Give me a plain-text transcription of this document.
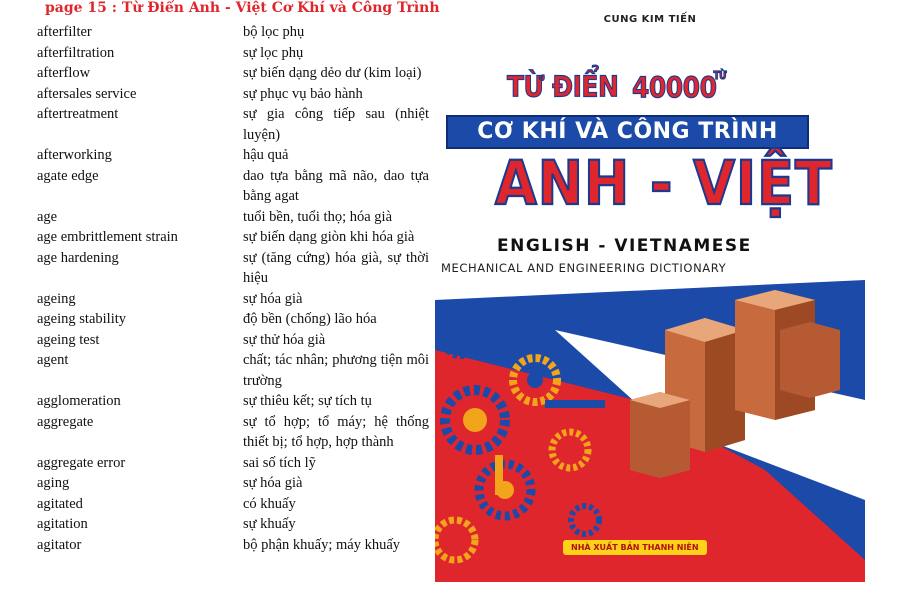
page 15 : Từ Điển Anh - Việt Cơ Khí và Công Trình
afterfilter	bộ lọc phụ
afterfiltration	sự lọc phụ
afterflow	sự biến dạng dẻo dư (kim loại)
aftersales service	sự phục vụ bảo hành
aftertreatment	sự gia công tiếp sau (nhiệt luyện)
afterworking	hậu quả
agate edge	dao tựa bằng mã não, dao tựa bằng agat
age	tuổi bền, tuổi thọ; hóa già
age embrittlement strain	sự biến dạng giòn khi hóa già
age hardening	sự (tăng cứng) hóa già, sự thời hiệu
ageing	sự hóa già
ageing stability	độ bền (chống) lão hóa
ageing test	sự thử hóa già
agent	chất; tác nhân; phương tiện môi trường
agglomeration	sự thiêu kết; sự tích tụ
aggregate	sự tổ hợp; tổ máy; hệ thống thiết bị; tổ hợp, hợp thành
aggregate error	sai số tích lỹ
aging	sự hóa già
agitated	có khuấy
agitation	sự khuấy
agitator	bộ phận khuấy; máy khuấy
CUNG KIM TIẾN
TỪ ĐIỂN $40000^{TỪ}$
CƠ KHÍ VÀ CÔNG TRÌNH
ANH - VIỆT
ENGLISH - VIETNAMESE
MECHANICAL AND ENGINEERING DICTIONARY
NHÀ XUẤT BẢN THANH NIÊN
